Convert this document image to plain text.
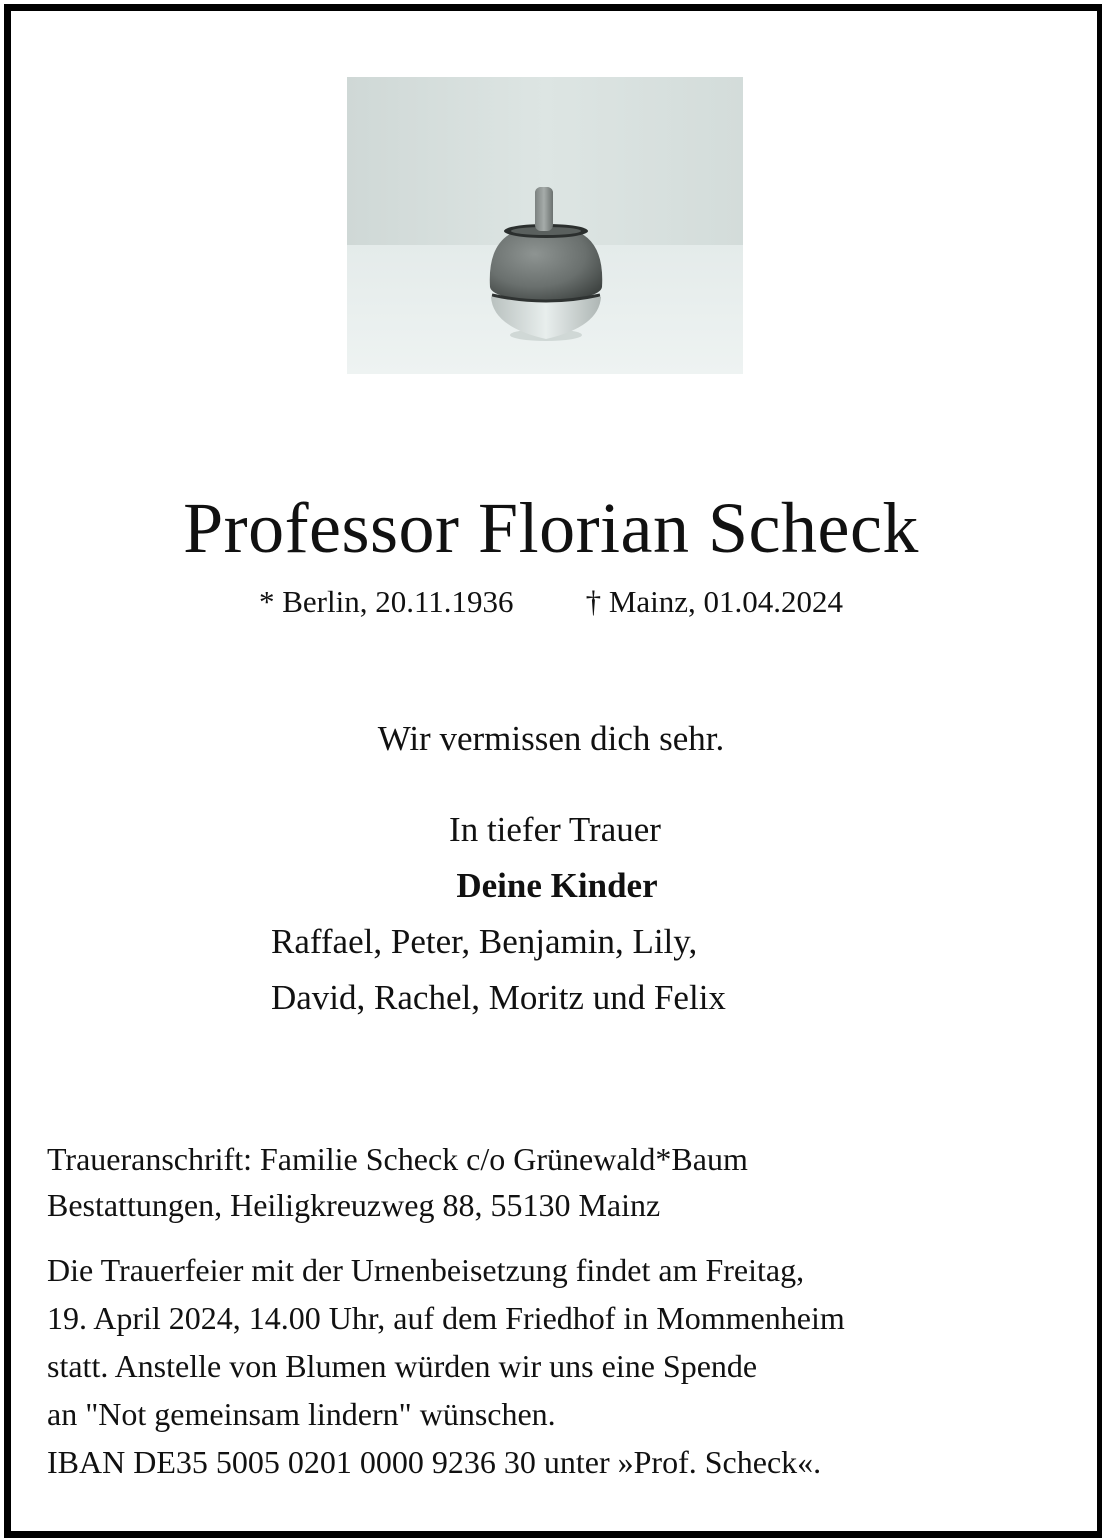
Professor Florian Scheck
* Berlin, 20.11.1936 † Mainz, 01.04.2024
Wir vermissen dich sehr.
In tiefer Trauer
Deine Kinder
Raffael, Peter, Benjamin, Lily,
David, Rachel, Moritz und Felix
Traueranschrift: Familie Scheck c/o Grünewald*Baum
Bestattungen, Heiligkreuzweg 88, 55130 Mainz
Die Trauerfeier mit der Urnenbeisetzung findet am Freitag,
19. April 2024, 14.00 Uhr, auf dem Friedhof in Mommenheim
statt. Anstelle von Blumen würden wir uns eine Spende
an "Not gemeinsam lindern" wünschen.
IBAN DE35 5005 0201 0000 9236 30 unter »Prof. Scheck«.
